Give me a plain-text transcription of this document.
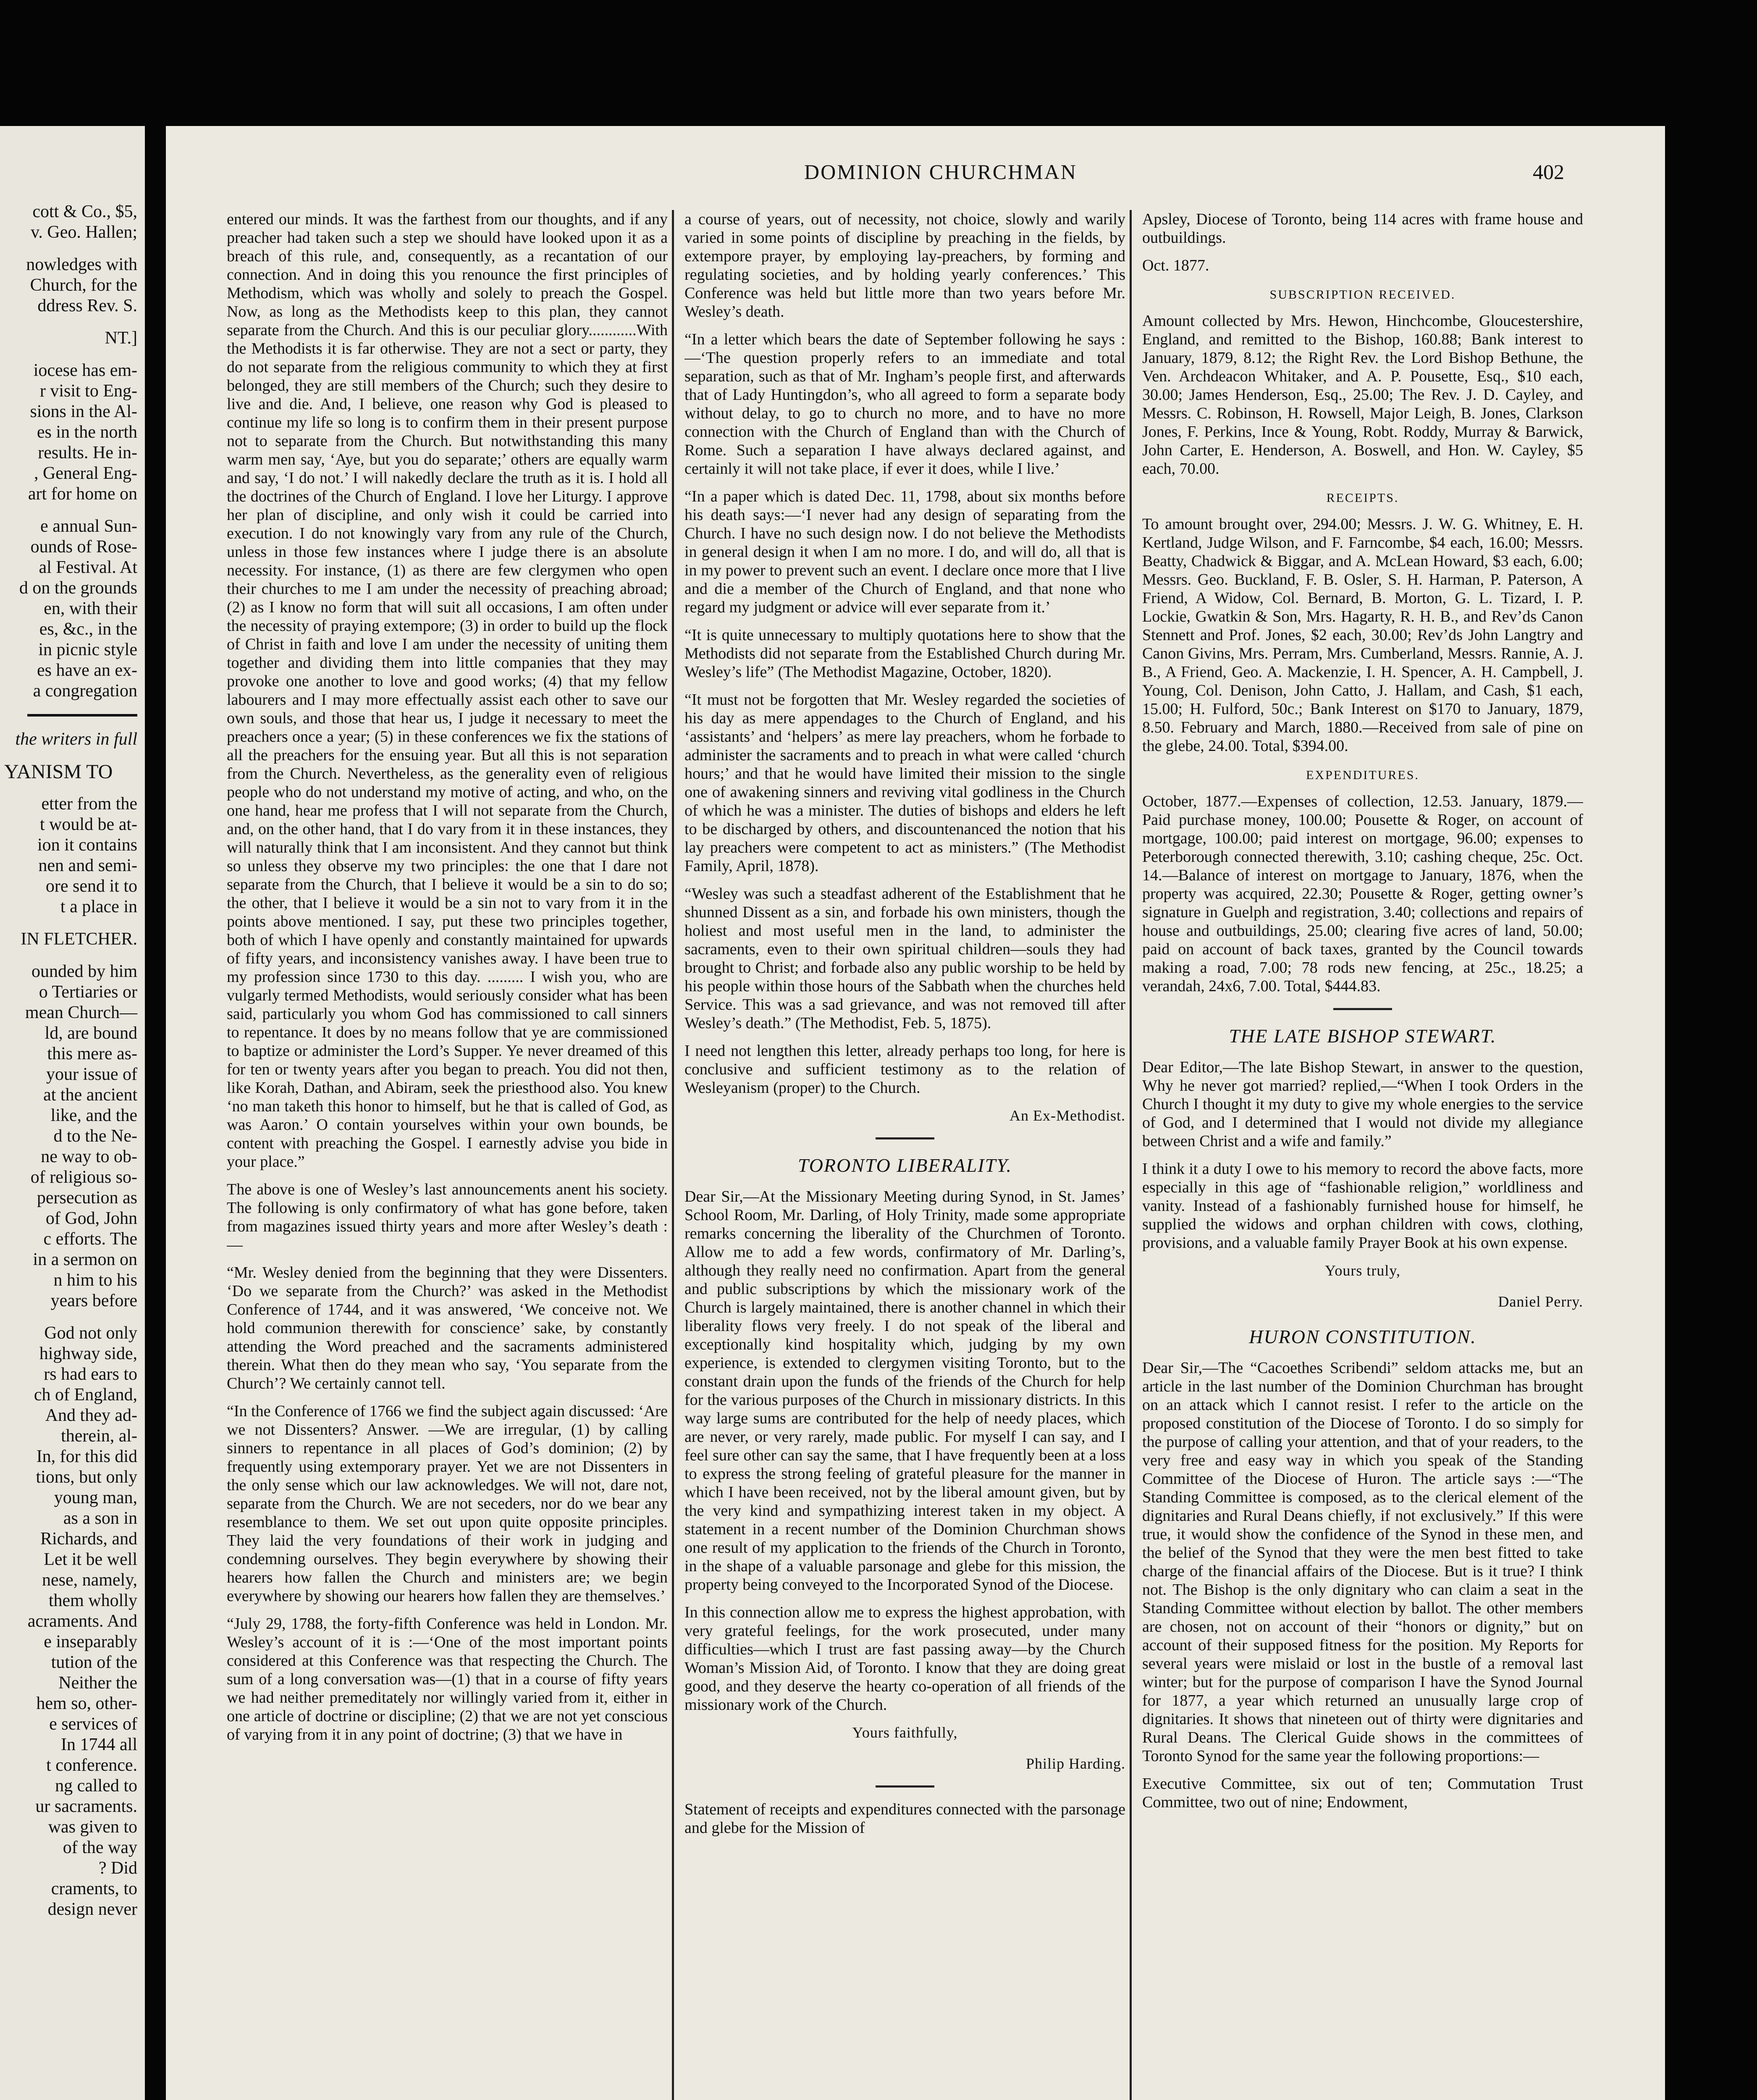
cott & Co., $5,
v. Geo. Hallen;

nowledges with
Church, for the
ddress Rev. S.

NT.]

iocese has em-
r visit to Eng-
sions in the Al-
es in the north
results. He in-
, General Eng-
art for home on

e annual Sun-
ounds of Rose-
al Festival. At
d on the grounds
en, with their
es, &c., in the
in picnic style
es have an ex-
a congregation

the writers in full

YANISM TO

etter from the
t would be at-
ion it contains
nen and semi-
ore send it to
t a place in

IN FLETCHER.

ounded by him
o Tertiaries or
mean Church—
ld, are bound
this mere as-
your issue of
at the ancient
like, and the
d to the Ne-
ne way to ob-
of religious so-
persecution as
of God, John
c efforts. The
in a sermon on
n him to his
years before

God not only
highway side,
rs had ears to
ch of England,
And they ad-
therein, al-
In, for this did
tions, but only
young man,
as a son in
Richards, and
Let it be well
nese, namely,
them wholly
acraments. And
e inseparably
tution of the
Neither the
hem so, other-
e services of
In 1744 all
t conference.
ng called to
ur sacraments.
was given to
of the way
? Did
craments, to
design never

DOMINION CHURCHMAN	402

entered our minds. It was the farthest from our thoughts, and if any preacher had taken such a step we should have looked upon it as a breach of this rule, and, consequently, as a recantation of our connection. And in doing this you renounce the first principles of Methodism, which was wholly and solely to preach the Gospel. Now, as long as the Methodists keep to this plan, they cannot separate from the Church. And this is our peculiar glory............With the Methodists it is far otherwise. They are not a sect or party, they do not separate from the religious community to which they at first belonged, they are still members of the Church; such they desire to live and die. And, I believe, one reason why God is pleased to continue my life so long is to confirm them in their present purpose not to separate from the Church. But notwithstanding this many warm men say, ‘Aye, but you do separate;’ others are equally warm and say, ‘I do not.’ I will nakedly declare the truth as it is. I hold all the doctrines of the Church of England. I love her Liturgy. I approve her plan of discipline, and only wish it could be carried into execution. I do not knowingly vary from any rule of the Church, unless in those few instances where I judge there is an absolute necessity. For instance, (1) as there are few clergymen who open their churches to me I am under the necessity of preaching abroad; (2) as I know no form that will suit all occasions, I am often under the necessity of praying extempore; (3) in order to build up the flock of Christ in faith and love I am under the necessity of uniting them together and dividing them into little companies that they may provoke one another to love and good works; (4) that my fellow labourers and I may more effectually assist each other to save our own souls, and those that hear us, I judge it necessary to meet the preachers once a year; (5) in these conferences we fix the stations of all the preachers for the ensuing year. But all this is not separation from the Church. Nevertheless, as the generality even of religious people who do not understand my motive of acting, and who, on the one hand, hear me profess that I will not separate from the Church, and, on the other hand, that I do vary from it in these instances, they will naturally think that I am inconsistent. And they cannot but think so unless they observe my two principles: the one that I dare not separate from the Church, that I believe it would be a sin to do so; the other, that I believe it would be a sin not to vary from it in the points above mentioned. I say, put these two principles together, both of which I have openly and constantly maintained for upwards of fifty years, and inconsistency vanishes away. I have been true to my profession since 1730 to this day. ......... I wish you, who are vulgarly termed Methodists, would seriously consider what has been said, particularly you whom God has commissioned to call sinners to repentance. It does by no means follow that ye are commissioned to baptize or administer the Lord’s Supper. Ye never dreamed of this for ten or twenty years after you began to preach. You did not then, like Korah, Dathan, and Abiram, seek the priesthood also. You knew ‘no man taketh this honor to himself, but he that is called of God, as was Aaron.’ O contain yourselves within your own bounds, be content with preaching the Gospel. I earnestly advise you bide in your place.”

The above is one of Wesley’s last announcements anent his society. The following is only confirmatory of what has gone before, taken from magazines issued thirty years and more after Wesley’s death :—

“Mr. Wesley denied from the beginning that they were Dissenters. ‘Do we separate from the Church?’ was asked in the Methodist Conference of 1744, and it was answered, ‘We conceive not. We hold communion therewith for conscience’ sake, by constantly attending the Word preached and the sacraments administered therein. What then do they mean who say, ‘You separate from the Church’? We certainly cannot tell.

“In the Conference of 1766 we find the subject again discussed: ‘Are we not Dissenters? Answer. —We are irregular, (1) by calling sinners to repentance in all places of God’s dominion; (2) by frequently using extemporary prayer. Yet we are not Dissenters in the only sense which our law acknowledges. We will not, dare not, separate from the Church. We are not seceders, nor do we bear any resemblance to them. We set out upon quite opposite principles. They laid the very foundations of their work in judging and condemning ourselves. They begin everywhere by showing their hearers how fallen the Church and ministers are; we begin everywhere by showing our hearers how fallen they are themselves.’

“July 29, 1788, the forty-fifth Conference was held in London. Mr. Wesley’s account of it is :—‘One of the most important points considered at this Conference was that respecting the Church. The sum of a long conversation was—(1) that in a course of fifty years we had neither premeditately nor willingly varied from it, either in one article of doctrine or discipline; (2) that we are not yet conscious of varying from it in any point of doctrine; (3) that we have in

a course of years, out of necessity, not choice, slowly and warily varied in some points of discipline by preaching in the fields, by extempore prayer, by employing lay-preachers, by forming and regulating societies, and by holding yearly conferences.’ This Conference was held but little more than two years before Mr. Wesley’s death.

“In a letter which bears the date of September following he says :—‘The question properly refers to an immediate and total separation, such as that of Mr. Ingham’s people first, and afterwards that of Lady Huntingdon’s, who all agreed to form a separate body without delay, to go to church no more, and to have no more connection with the Church of England than with the Church of Rome. Such a separation I have always declared against, and certainly it will not take place, if ever it does, while I live.’

“In a paper which is dated Dec. 11, 1798, about six months before his death says:—‘I never had any design of separating from the Church. I have no such design now. I do not believe the Methodists in general design it when I am no more. I do, and will do, all that is in my power to prevent such an event. I declare once more that I live and die a member of the Church of England, and that none who regard my judgment or advice will ever separate from it.’

“It is quite unnecessary to multiply quotations here to show that the Methodists did not separate from the Established Church during Mr. Wesley’s life” (The Methodist Magazine, October, 1820).

“It must not be forgotten that Mr. Wesley regarded the societies of his day as mere appendages to the Church of England, and his ‘assistants’ and ‘helpers’ as mere lay preachers, whom he forbade to administer the sacraments and to preach in what were called ‘church hours;’ and that he would have limited their mission to the single one of awakening sinners and reviving vital godliness in the Church of which he was a minister. The duties of bishops and elders he left to be discharged by others, and discountenanced the notion that his lay preachers were competent to act as ministers.” (The Methodist Family, April, 1878).

“Wesley was such a steadfast adherent of the Establishment that he shunned Dissent as a sin, and forbade his own ministers, though the holiest and most useful men in the land, to administer the sacraments, even to their own spiritual children—souls they had brought to Christ; and forbade also any public worship to be held by his people within those hours of the Sabbath when the churches held Service. This was a sad grievance, and was not removed till after Wesley’s death.” (The Methodist, Feb. 5, 1875).

I need not lengthen this letter, already perhaps too long, for here is conclusive and sufficient testimony as to the relation of Wesleyanism (proper) to the Church.

An Ex-Methodist.
TORONTO LIBERALITY.

Dear Sir,—At the Missionary Meeting during Synod, in St. James’ School Room, Mr. Darling, of Holy Trinity, made some appropriate remarks concerning the liberality of the Churchmen of Toronto. Allow me to add a few words, confirmatory of Mr. Darling’s, although they really need no confirmation. Apart from the general and public subscriptions by which the missionary work of the Church is largely maintained, there is another channel in which their liberality flows very freely. I do not speak of the liberal and exceptionally kind hospitality which, judging by my own experience, is extended to clergymen visiting Toronto, but to the constant drain upon the funds of the friends of the Church for help for the various purposes of the Church in missionary districts. In this way large sums are contributed for the help of needy places, which are never, or very rarely, made public. For myself I can say, and I feel sure other can say the same, that I have frequently been at a loss to express the strong feeling of grateful pleasure for the manner in which I have been received, not by the liberal amount given, but by the very kind and sympathizing interest taken in my object. A statement in a recent number of the Dominion Churchman shows one result of my application to the friends of the Church in Toronto, in the shape of a valuable parsonage and glebe for this mission, the property being conveyed to the Incorporated Synod of the Diocese.

In this connection allow me to express the highest approbation, with very grateful feelings, for the work prosecuted, under many difficulties—which I trust are fast passing away—by the Church Woman’s Mission Aid, of Toronto. I know that they are doing great good, and they deserve the hearty co-operation of all friends of the missionary work of the Church.

Yours faithfully,
Philip Harding.

Statement of receipts and expenditures connected with the parsonage and glebe for the Mission of

Apsley, Diocese of Toronto, being 114 acres with frame house and outbuildings.

Oct. 1877.

SUBSCRIPTION RECEIVED.

Amount collected by Mrs. Hewon, Hinchcombe, Gloucestershire, England, and remitted to the Bishop, 160.88; Bank interest to January, 1879, 8.12; the Right Rev. the Lord Bishop Bethune, the Ven. Archdeacon Whitaker, and A. P. Pousette, Esq., $10 each, 30.00; James Henderson, Esq., 25.00; The Rev. J. D. Cayley, and Messrs. C. Robinson, H. Rowsell, Major Leigh, B. Jones, Clarkson Jones, F. Perkins, Ince & Young, Robt. Roddy, Murray & Barwick, John Carter, E. Henderson, A. Boswell, and Hon. W. Cayley, $5 each, 70.00.

RECEIPTS.

To amount brought over, 294.00; Messrs. J. W. G. Whitney, E. H. Kertland, Judge Wilson, and F. Farncombe, $4 each, 16.00; Messrs. Beatty, Chadwick & Biggar, and A. McLean Howard, $3 each, 6.00; Messrs. Geo. Buckland, F. B. Osler, S. H. Harman, P. Paterson, A Friend, A Widow, Col. Bernard, B. Morton, G. L. Tizard, I. P. Lockie, Gwatkin & Son, Mrs. Hagarty, R. H. B., and Rev’ds Canon Stennett and Prof. Jones, $2 each, 30.00; Rev’ds John Langtry and Canon Givins, Mrs. Perram, Mrs. Cumberland, Messrs. Rannie, A. J. B., A Friend, Geo. A. Mackenzie, I. H. Spencer, A. H. Campbell, J. Young, Col. Denison, John Catto, J. Hallam, and Cash, $1 each, 15.00; H. Fulford, 50c.; Bank Interest on $170 to January, 1879, 8.50. February and March, 1880.—Received from sale of pine on the glebe, 24.00. Total, $394.00.

EXPENDITURES.

October, 1877.—Expenses of collection, 12.53. January, 1879.—Paid purchase money, 100.00; Pousette & Roger, on account of mortgage, 100.00; paid interest on mortgage, 96.00; expenses to Peterborough connected therewith, 3.10; cashing cheque, 25c. Oct. 14.—Balance of interest on mortgage to January, 1876, when the property was acquired, 22.30; Pousette & Roger, getting owner’s signature in Guelph and registration, 3.40; collections and repairs of house and outbuildings, 25.00; clearing five acres of land, 50.00; paid on account of back taxes, granted by the Council towards making a road, 7.00; 78 rods new fencing, at 25c., 18.25; a verandah, 24x6, 7.00. Total, $444.83.

THE LATE BISHOP STEWART.

Dear Editor,—The late Bishop Stewart, in answer to the question, Why he never got married? replied,—“When I took Orders in the Church I thought it my duty to give my whole energies to the service of God, and I determined that I would not divide my allegiance between Christ and a wife and family.”

I think it a duty I owe to his memory to record the above facts, more especially in this age of “fashionable religion,” worldliness and vanity. Instead of a fashionably furnished house for himself, he supplied the widows and orphan children with cows, clothing, provisions, and a valuable family Prayer Book at his own expense.

Yours truly,
Daniel Perry.
HURON CONSTITUTION.

Dear Sir,—The “Cacoethes Scribendi” seldom attacks me, but an article in the last number of the Dominion Churchman has brought on an attack which I cannot resist. I refer to the article on the proposed constitution of the Diocese of Toronto. I do so simply for the purpose of calling your attention, and that of your readers, to the very free and easy way in which you speak of the Standing Committee of the Diocese of Huron. The article says :—“The Standing Committee is composed, as to the clerical element of the dignitaries and Rural Deans chiefly, if not exclusively.” If this were true, it would show the confidence of the Synod in these men, and the belief of the Synod that they were the men best fitted to take charge of the financial affairs of the Diocese. But is it true? I think not. The Bishop is the only dignitary who can claim a seat in the Standing Committee without election by ballot. The other members are chosen, not on account of their “honors or dignity,” but on account of their supposed fitness for the position. My Reports for several years were mislaid or lost in the bustle of a removal last winter; but for the purpose of comparison I have the Synod Journal for 1877, a year which returned an unusually large crop of dignitaries. It shows that nineteen out of thirty were dignitaries and Rural Deans. The Clerical Guide shows in the committees of Toronto Synod for the same year the following proportions:—

Executive Committee, six out of ten; Commutation Trust Committee, two out of nine; Endowment,
